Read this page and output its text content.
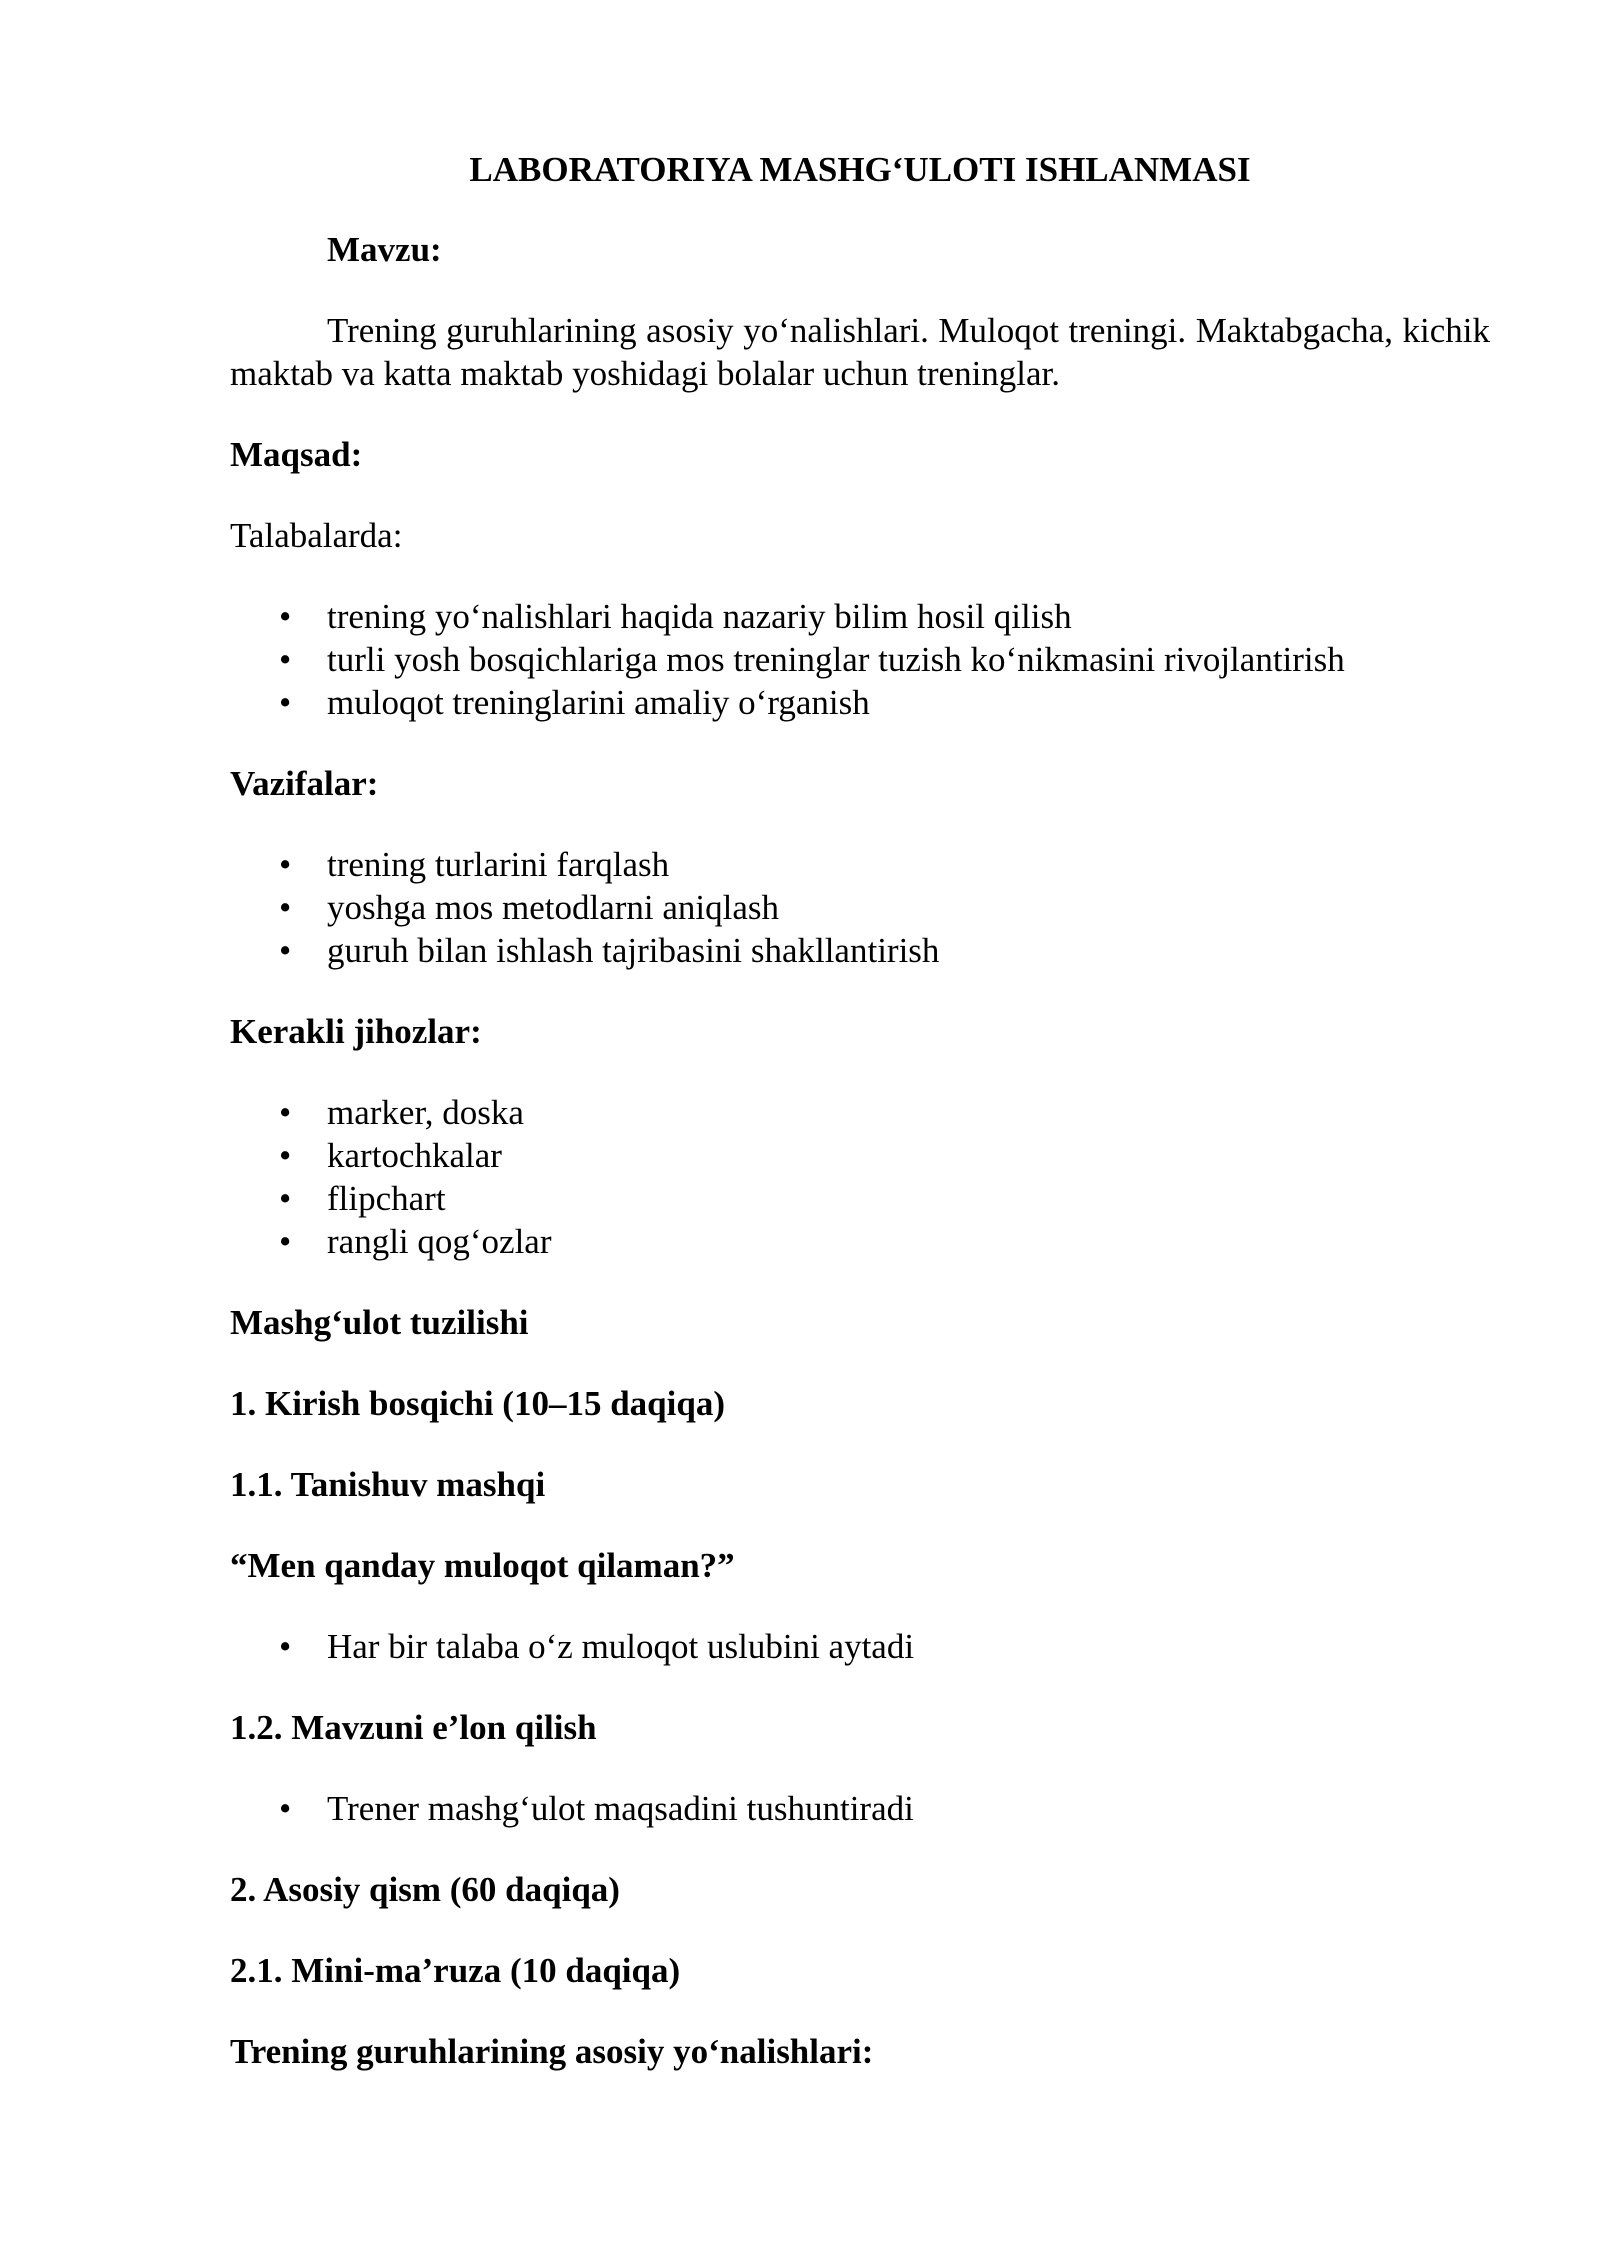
LABORATORIYA MASHG‘ULOTI ISHLANMASI
Mavzu:
Trening guruhlarining asosiy yo‘nalishlari. Muloqot treningi. Maktabgacha, kichik maktab va katta maktab yoshidagi bolalar uchun treninglar.
Maqsad:
Talabalarda:
• trening yo‘nalishlari haqida nazariy bilim hosil qilish
• turli yosh bosqichlariga mos treninglar tuzish ko‘nikmasini rivojlantirish
• muloqot treninglarini amaliy o‘rganish
Vazifalar:
• trening turlarini farqlash
• yoshga mos metodlarni aniqlash
• guruh bilan ishlash tajribasini shakllantirish
Kerakli jihozlar:
• marker, doska
• kartochkalar
• flipchart
• rangli qog‘ozlar
Mashg‘ulot tuzilishi
1. Kirish bosqichi (10–15 daqiqa)
1.1. Tanishuv mashqi
“Men qanday muloqot qilaman?”
• Har bir talaba o‘z muloqot uslubini aytadi
1.2. Mavzuni e’lon qilish
• Trener mashg‘ulot maqsadini tushuntiradi
2. Asosiy qism (60 daqiqa)
2.1. Mini-ma’ruza (10 daqiqa)
Trening guruhlarining asosiy yo‘nalishlari:
